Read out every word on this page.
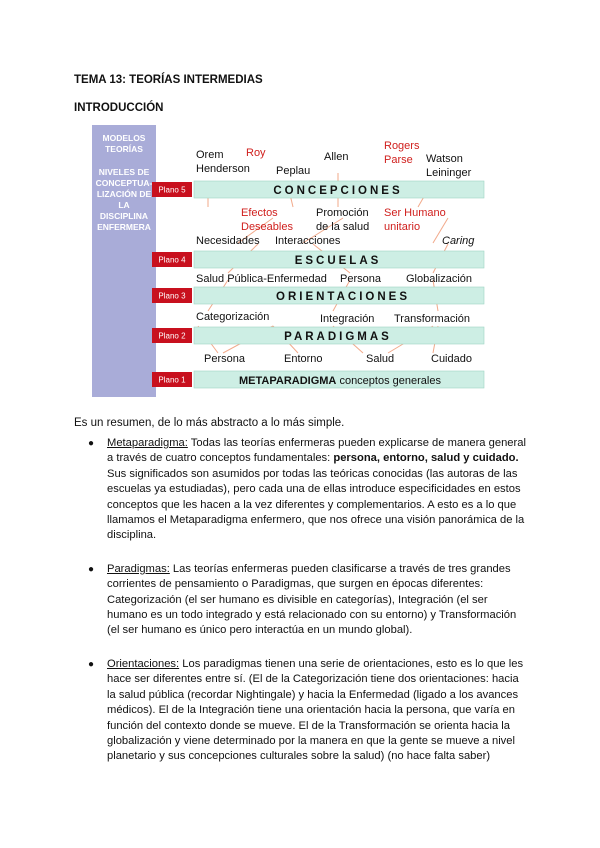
TEMA 13: TEORÍAS INTERMEDIAS
INTRODUCCIÓN
MODELOS
TEORÍAS
NIVELES DE
CONCEPTUA-
LIZACIÓN DE
LA
DISCIPLINA
ENFERMERA
Plano 5
Plano 4
Plano 3
Plano 2
Plano 1
CONCEPCIONES
ESCUELAS
ORIENTACIONES
PARADIGMAS
METAPARADIGMA conceptos generales
Orem
Henderson Peplau
Allen	Watson
Leininger
Roy
Rogers
Parse
Efectos
Deseables
Ser Humano
unitario
Promoción
de la salud
Necesidades Interacciones	Caring
Salud Pública-Enfermedad Persona Globalización
Categorización	Integración Transformación
Persona	Entorno	Salud	Cuidado
Es un resumen, de lo más abstracto a lo más simple.
● Metaparadigma: Todas las teorías enfermeras pueden explicarse de manera general a través de cuatro conceptos fundamentales: persona, entorno, salud y cuidado. Sus significados son asumidos por todas las teóricas conocidas (las autoras de las escuelas ya estudiadas), pero cada una de ellas introduce especificidades en estos conceptos que les hacen a la vez diferentes y complementarios. A esto es a lo que llamamos el Metaparadigma enfermero, que nos ofrece una visión panorámica de la disciplina.
● Paradigmas: Las teorías enfermeras pueden clasificarse a través de tres grandes corrientes de pensamiento o Paradigmas, que surgen en épocas diferentes: Categorización (el ser humano es divisible en categorías), Integración (el ser humano es un todo integrado y está relacionado con su entorno) y Transformación (el ser humano es único pero interactúa en un mundo global).
● Orientaciones: Los paradigmas tienen una serie de orientaciones, esto es lo que les hace ser diferentes entre sí. (El de la Categorización tiene dos orientaciones: hacia la salud pública (recordar Nightingale) y hacia la Enfermedad (ligado a los avances médicos). El de la Integración tiene una orientación hacia la persona, que varía en función del contexto donde se mueve. El de la Transformación se orienta hacia la globalización y viene determinado por la manera en que la gente se mueve a nivel planetario y sus concepciones culturales sobre la salud) (no hace falta saber)
